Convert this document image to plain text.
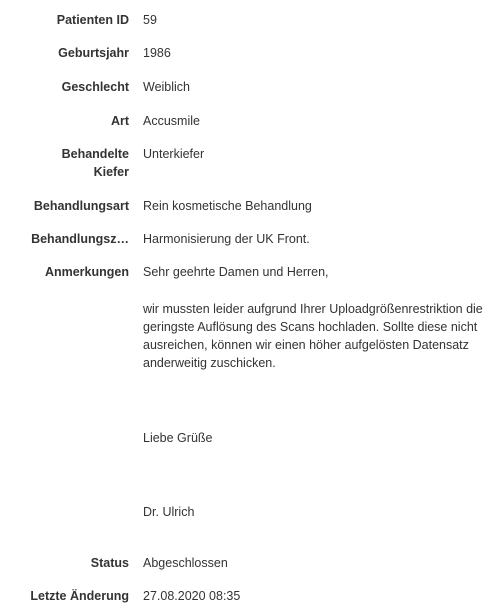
Patienten ID 59
Geburtsjahr 1986
Geschlecht Weiblich
Art Accusmile
Behandelte Kiefer
Unterkiefer
Behandlungsart Rein kosmetische Behandlung
Behandlungsz… Harmonisierung der UK Front.
Anmerkungen Sehr geehrte Damen und Herren,

wir mussten leider aufgrund Ihrer Uploadgrößenrestriktion die geringste Auflösung des Scans hochladen. Sollte diese nicht ausreichen, können wir einen höher aufgelösten Datensatz anderweitig zuschicken.

Liebe Grüße

Dr. Ulrich

Status Abgeschlossen
Letzte Änderung 27.08.2020 08:35
